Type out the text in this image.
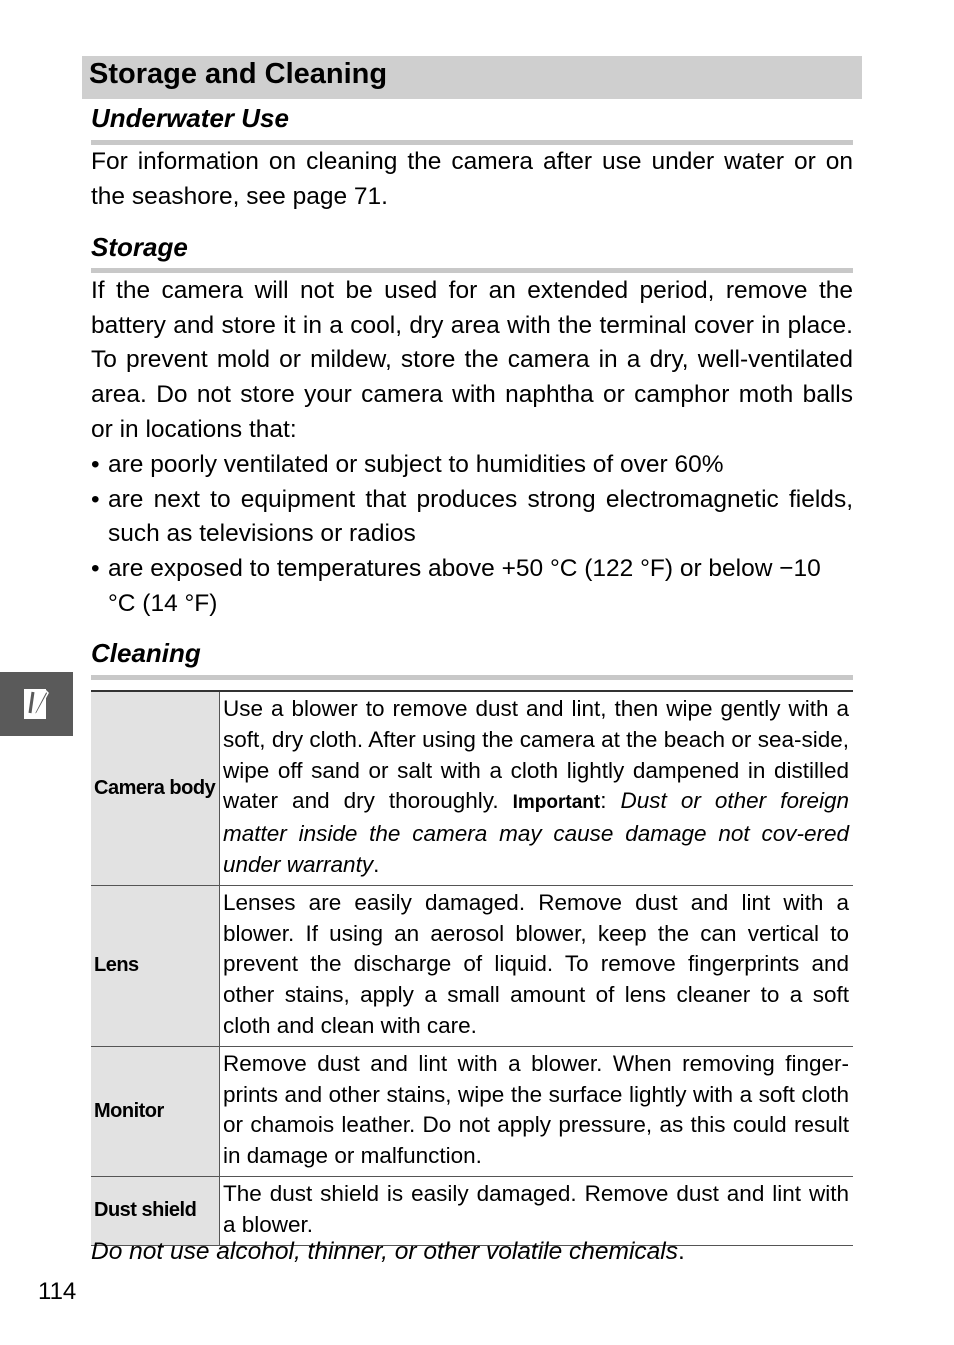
Storage and Cleaning
Underwater Use

For information on cleaning the camera after use under water or on the seashore, see page 71.

Storage

If the camera will not be used for an extended period, remove the battery and store it in a cool, dry area with the terminal cover in place. To prevent mold or mildew, store the camera in a dry, well-ventilated area. Do not store your camera with naphtha or camphor moth balls or in locations that:

• are poorly ventilated or subject to humidities of over 60%
• are next to equipment that produces strong electromagnetic fields, such as televisions or radios
• are exposed to temperatures above +50 °C (122 °F) or below −10 °C (14 °F)
Cleaning
Camera body	Use a blower to remove dust and lint, then wipe gently with a soft, dry cloth. After using the camera at the beach or sea-side, wipe off sand or salt with a cloth lightly dampened in distilled water and dry thoroughly. Important: Dust or other foreign matter inside the camera may cause damage not cov-ered under warranty.
Lens	Lenses are easily damaged. Remove dust and lint with a blower. If using an aerosol blower, keep the can vertical to prevent the discharge of liquid. To remove fingerprints and other stains, apply a small amount of lens cleaner to a soft cloth and clean with care.
Monitor	Remove dust and lint with a blower. When removing finger-prints and other stains, wipe the surface lightly with a soft cloth or chamois leather. Do not apply pressure, as this could result in damage or malfunction.
Dust shield	The dust shield is easily damaged. Remove dust and lint with a blower.
Do not use alcohol, thinner, or other volatile chemicals.
114
